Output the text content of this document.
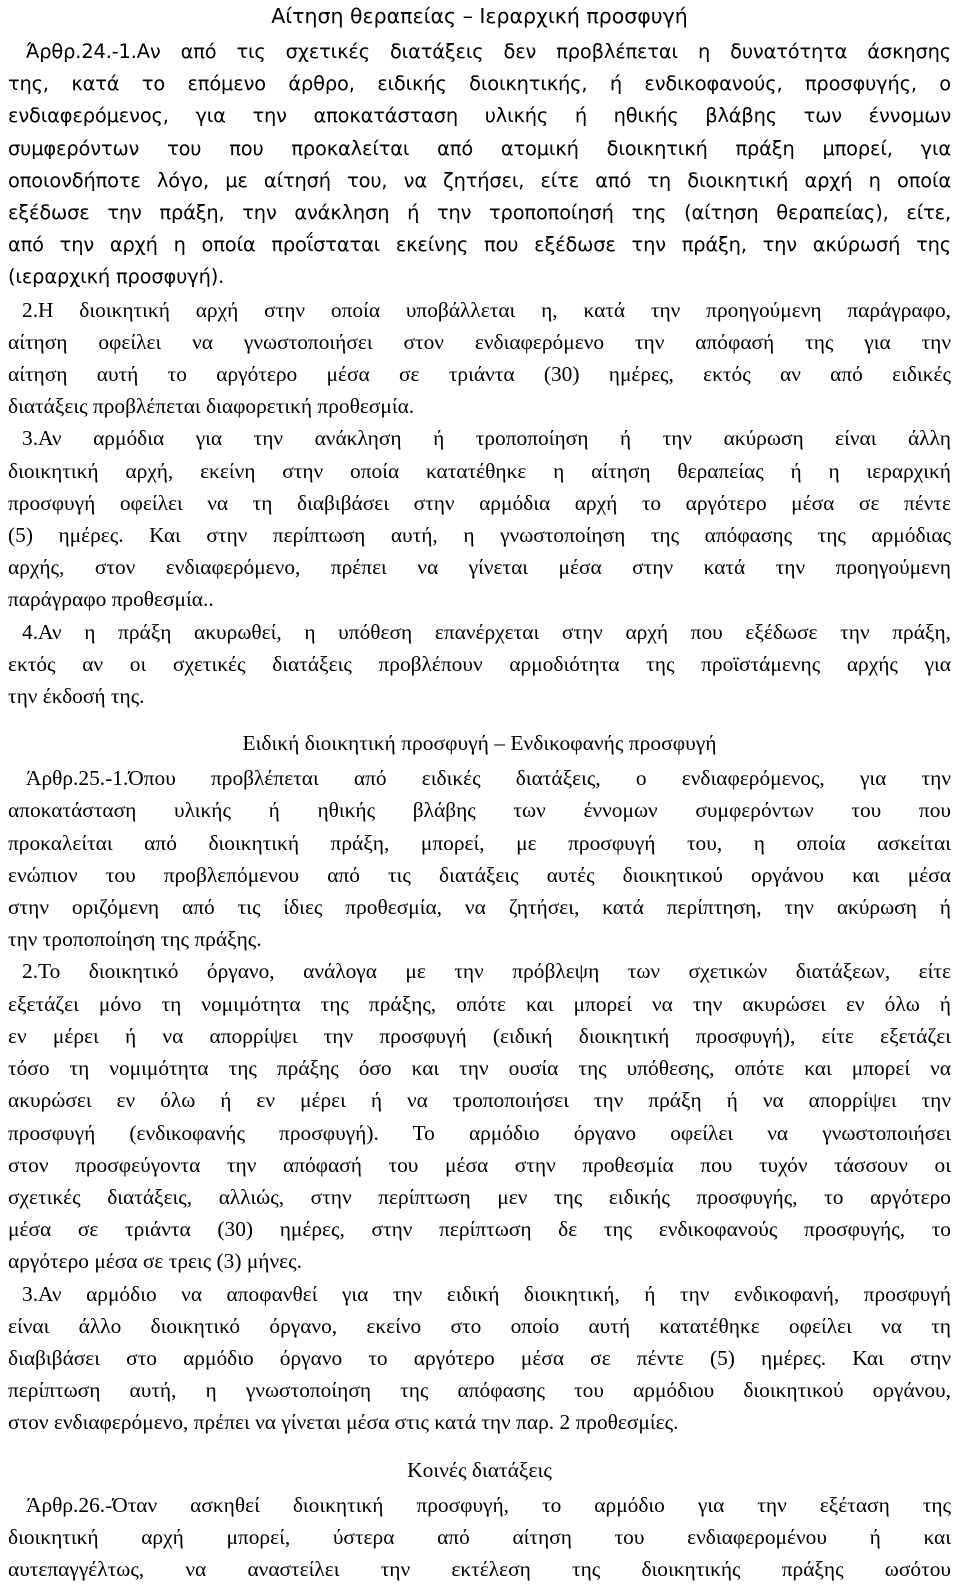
Αίτηση θεραπείας – Ιεραρχική προσφυγή
Άρθρ.24.-1.Αν από τις σχετικές διατάξεις δεν προβλέπεται η δυνατότητα άσκησης
της, κατά το επόμενο άρθρο, ειδικής διοικητικής, ή ενδικοφανούς, προσφυγής, ο
ενδιαφερόμενος, για την αποκατάσταση υλικής ή ηθικής βλάβης των έννομων
συμφερόντων του που προκαλείται από ατομική διοικητική πράξη μπορεί, για
οποιονδήποτε λόγο, με αίτησή του, να ζητήσει, είτε από τη διοικητική αρχή η οποία
εξέδωσε την πράξη, την ανάκληση ή την τροποποίησή της (αίτηση θεραπείας), είτε,
από την αρχή η οποία προΐσταται εκείνης που εξέδωσε την πράξη, την ακύρωσή της
(ιεραρχική προσφυγή).
2.Η διοικητική αρχή στην οποία υποβάλλεται η, κατά την προηγούμενη παράγραφο,
αίτηση οφείλει να γνωστοποιήσει στον ενδιαφερόμενο την απόφασή της για την
αίτηση αυτή το αργότερο μέσα σε τριάντα (30) ημέρες, εκτός αν από ειδικές
διατάξεις προβλέπεται διαφορετική προθεσμία.
3.Αν αρμόδια για την ανάκληση ή τροποποίηση ή την ακύρωση είναι άλλη
διοικητική αρχή, εκείνη στην οποία κατατέθηκε η αίτηση θεραπείας ή η ιεραρχική
προσφυγή οφείλει να τη διαβιβάσει στην αρμόδια αρχή το αργότερο μέσα σε πέντε
(5) ημέρες. Και στην περίπτωση αυτή, η γνωστοποίηση της απόφασης της αρμόδιας
αρχής, στον ενδιαφερόμενο, πρέπει να γίνεται μέσα στην κατά την προηγούμενη
παράγραφο προθεσμία..
4.Αν η πράξη ακυρωθεί, η υπόθεση επανέρχεται στην αρχή που εξέδωσε την πράξη,
εκτός αν οι σχετικές διατάξεις προβλέπουν αρμοδιότητα της προϊστάμενης αρχής για
την έκδοσή της.
Ειδική διοικητική προσφυγή – Ενδικοφανής προσφυγή
Άρθρ.25.-1.Όπου προβλέπεται από ειδικές διατάξεις, ο ενδιαφερόμενος, για την
αποκατάσταση υλικής ή ηθικής βλάβης των έννομων συμφερόντων του που
προκαλείται από διοικητική πράξη, μπορεί, με προσφυγή του, η οποία ασκείται
ενώπιον του προβλεπόμενου από τις διατάξεις αυτές διοικητικού οργάνου και μέσα
στην οριζόμενη από τις ίδιες προθεσμία, να ζητήσει, κατά περίπτηση, την ακύρωση ή
την τροποποίηση της πράξης.
2.Το διοικητικό όργανο, ανάλογα με την πρόβλεψη των σχετικών διατάξεων, είτε
εξετάζει μόνο τη νομιμότητα της πράξης, οπότε και μπορεί να την ακυρώσει εν όλω ή
εν μέρει ή να απορρίψει την προσφυγή (ειδική διοικητική προσφυγή), είτε εξετάζει
τόσο τη νομιμότητα της πράξης όσο και την ουσία της υπόθεσης, οπότε και μπορεί να
ακυρώσει εν όλω ή εν μέρει ή να τροποποιήσει την πράξη ή να απορρίψει την
προσφυγή (ενδικοφανής προσφυγή). Το αρμόδιο όργανο οφείλει να γνωστοποιήσει
στον προσφεύγοντα την απόφασή του μέσα στην προθεσμία που τυχόν τάσσουν οι
σχετικές διατάξεις, αλλιώς, στην περίπτωση μεν της ειδικής προσφυγής, το αργότερο
μέσα σε τριάντα (30) ημέρες, στην περίπτωση δε της ενδικοφανούς προσφυγής, το
αργότερο μέσα σε τρεις (3) μήνες.
3.Αν αρμόδιο να αποφανθεί για την ειδική διοικητική, ή την ενδικοφανή, προσφυγή
είναι άλλο διοικητικό όργανο, εκείνο στο οποίο αυτή κατατέθηκε οφείλει να τη
διαβιβάσει στο αρμόδιο όργανο το αργότερο μέσα σε πέντε (5) ημέρες. Και στην
περίπτωση αυτή, η γνωστοποίηση της απόφασης του αρμόδιου διοικητικού οργάνου,
στον ενδιαφερόμενο, πρέπει να γίνεται μέσα στις κατά την παρ. 2 προθεσμίες.
Κοινές διατάξεις
Άρθρ.26.-Όταν ασκηθεί διοικητική προσφυγή, το αρμόδιο για την εξέταση της
διοικητική αρχή μπορεί, ύστερα από αίτηση του ενδιαφερομένου ή και
αυτεπαγγέλτως, να αναστείλει την εκτέλεση της διοικητικής πράξης ωσότου
